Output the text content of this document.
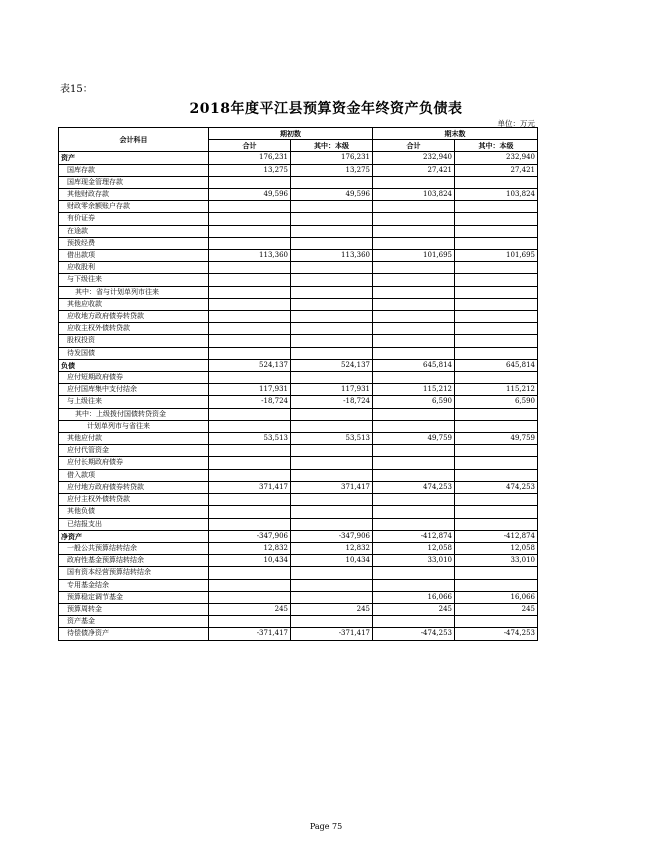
表15：
2018年度平江县预算资金年终资产负债表
单位：万元
会计科目	期初数		期末数	
	合计	其中：本级	合计	其中：本级
资产	176,231	176,231	232,940	232,940
国库存款	13,275	13,275	27,421	27,421
国库现金管理存款				
其他财政存款	49,596	49,596	103,824	103,824
财政零余额账户存款				
有价证券				
在途款				
预拨经费				
借出款项	113,360	113,360	101,695	101,695
应收股利				
与下级往来				
其中：省与计划单列市往来				
其他应收款				
应收地方政府债券转贷款				
应收主权外债转贷款				
股权投资				
待发国债				
负债	524,137	524,137	645,814	645,814
应付短期政府债券				
应付国库集中支付结余	117,931	117,931	115,212	115,212
与上级往来	-18,724	-18,724	6,590	6,590
其中：上级拨付国债转贷资金				
计划单列市与省往来				
其他应付款	53,513	53,513	49,759	49,759
应付代管资金				
应付长期政府债券				
借入款项				
应付地方政府债券转贷款	371,417	371,417	474,253	474,253
应付主权外债转贷款				
其他负债				
已结报支出				
净资产	-347,906	-347,906	-412,874	-412,874
一般公共预算结转结余	12,832	12,832	12,058	12,058
政府性基金预算结转结余	10,434	10,434	33,010	33,010
国有资本经营预算结转结余				
专用基金结余				
预算稳定调节基金			16,066	16,066
预算周转金	245	245	245	245
资产基金				
待偿债净资产	-371,417	-371,417	-474,253	-474,253
Page 75
